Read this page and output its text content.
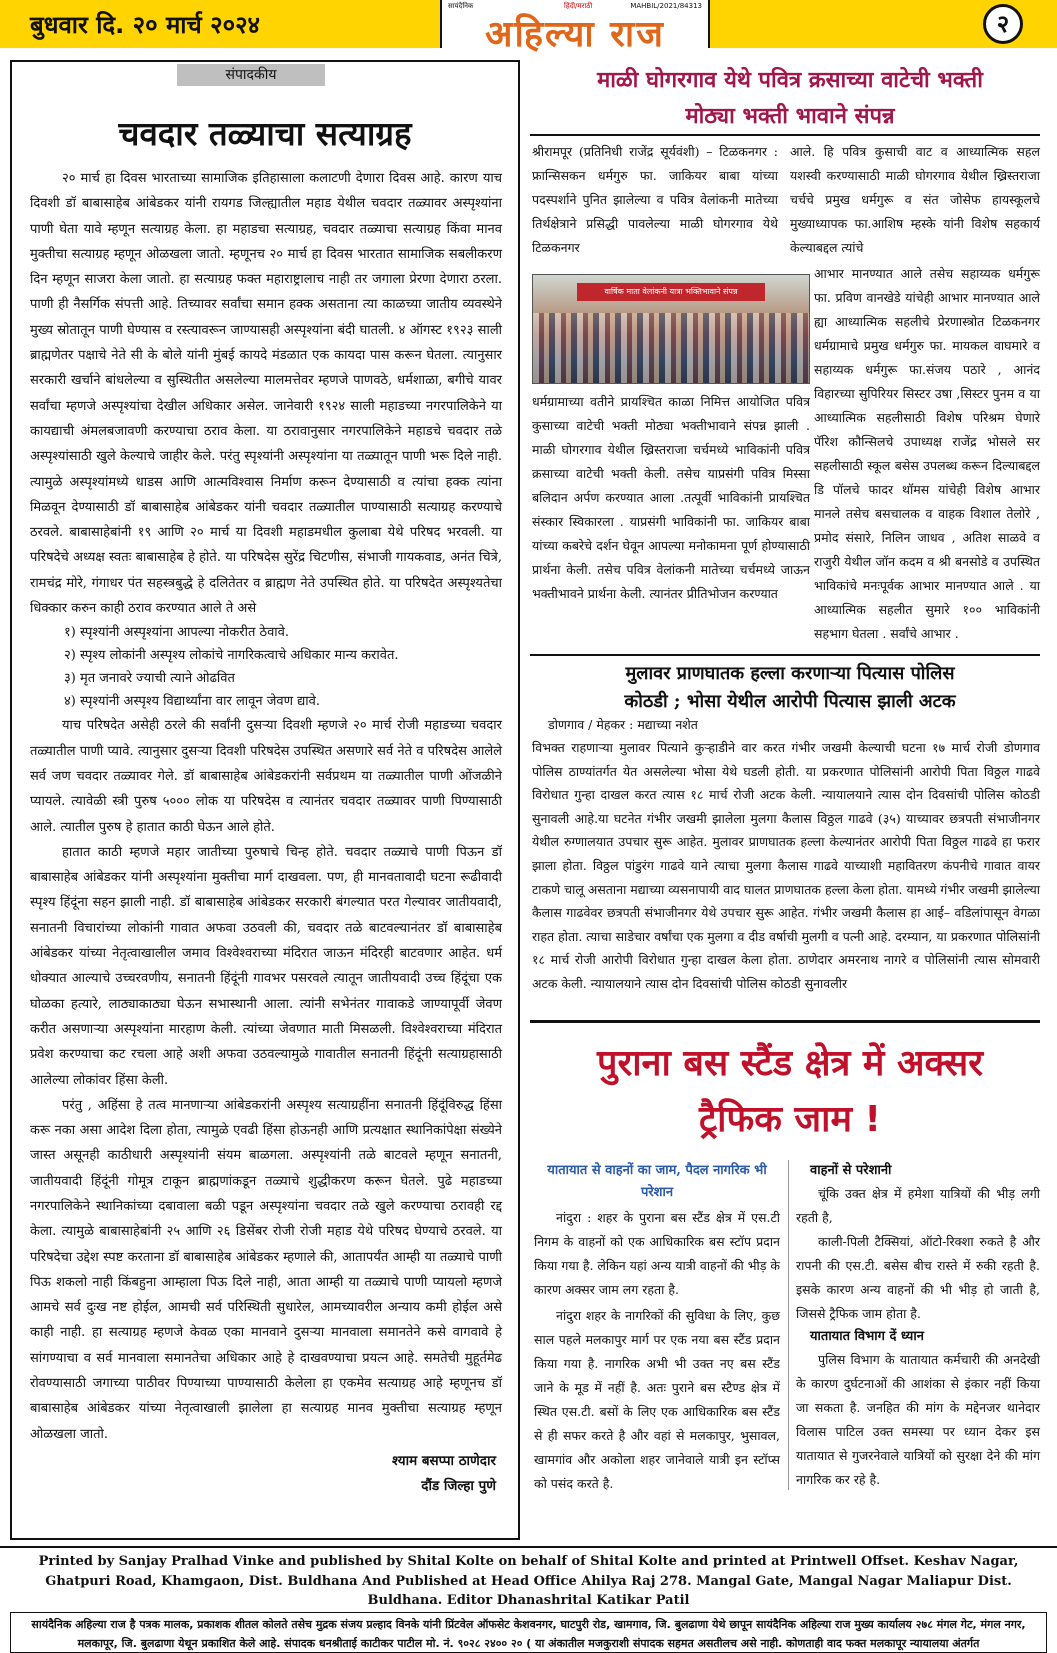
बुधवार दि. २० मार्च २०२४
सायंदैनिक	हिंदी/मराठी	MAHBIL/2021/84313
अहिल्या राज	२
संपादकीय
चवदार तळ्याचा सत्याग्रह

२० मार्च हा दिवस भारताच्या सामाजिक इतिहासाला कलाटणी देणारा दिवस आहे. कारण याच दिवशी डॉ बाबासाहेब आंबेडकर यांनी रायगड जिल्ह्यातील महाड येथील चवदार तळ्यावर अस्पृश्यांना पाणी घेता यावे म्हणून सत्याग्रह केला. हा महाडचा सत्याग्रह, चवदार तळ्याचा सत्याग्रह किंवा मानव मुक्तीचा सत्याग्रह म्हणून ओळखला जातो. म्हणूनच २० मार्च हा दिवस भारतात सामाजिक सबलीकरण दिन म्हणून साजरा केला जातो. हा सत्याग्रह फक्त महाराष्ट्रालाच नाही तर जगाला प्रेरणा देणारा ठरला. पाणी ही नैसर्गिक संपत्ती आहे. तिच्यावर सर्वांचा समान हक्क असताना त्या काळच्या जातीय व्यवस्थेने मुख्य स्रोतातून पाणी घेण्यास व रस्त्यावरून जाण्यासही अस्पृश्यांना बंदी घातली. ४ ऑगस्ट १९२३ साली ब्राह्मणेतर पक्षाचे नेते सी के बोले यांनी मुंबई कायदे मंडळात एक कायदा पास करून घेतला. त्यानुसार सरकारी खर्चाने बांधलेल्या व सुस्थितीत असलेल्या मालमत्तेवर म्हणजे पाणवठे, धर्मशाळा, बगीचे यावर सर्वांचा म्हणजे अस्पृश्यांचा देखील अधिकार असेल. जानेवारी १९२४ साली महाडच्या नगरपालिकेने या कायद्याची अंमलबजावणी करण्याचा ठराव केला. या ठरावानुसार नगरपालिकेने महाडचे चवदार तळे अस्पृश्यांसाठी खुले केल्याचे जाहीर केले. परंतु स्पृश्यांनी अस्पृश्यांना या तळ्यातून पाणी भरू दिले नाही. त्यामुळे अस्पृश्यांमध्ये धाडस आणि आत्मविश्वास निर्माण करून देण्यासाठी व त्यांचा हक्क त्यांना मिळवून देण्यासाठी डॉ बाबासाहेब आंबेडकर यांनी चवदार तळ्यातील पाण्यासाठी सत्याग्रह करण्याचे ठरवले. बाबासाहेबांनी १९ आणि २० मार्च या दिवशी महाडमधील कुलाबा येथे परिषद भरवली. या परिषदेचे अध्यक्ष स्वतः बाबासाहेब हे होते. या परिषदेस सुरेंद्र चिटणीस, संभाजी गायकवाड, अनंत चित्रे, रामचंद्र मोरे, गंगाधर पंत सहस्त्रबुद्धे हे दलितेतर व ब्राह्मण नेते उपस्थित होते. या परिषदेत अस्पृश्यतेचा धिक्कार करुन काही ठराव करण्यात आले ते असे

१) स्पृश्यांनी अस्पृश्यांना आपल्या नोकरीत ठेवावे.
२) स्पृश्य लोकांनी अस्पृश्य लोकांचे नागरिकत्वाचे अधिकार मान्य करावेत.
३) मृत जनावरे ज्याची त्याने ओढवित
४) स्पृश्यांनी अस्पृश्य विद्यार्थ्यांना वार लावून जेवण द्यावे.

याच परिषदेत असेही ठरले की सर्वांनी दुसऱ्या दिवशी म्हणजे २० मार्च रोजी महाडच्या चवदार तळ्यातील पाणी प्यावे. त्यानुसार दुसऱ्या दिवशी परिषदेस उपस्थित असणारे सर्व नेते व परिषदेस आलेले सर्व जण चवदार तळ्यावर गेले. डॉ बाबासाहेब आंबेडकरांनी सर्वप्रथम या तळ्यातील पाणी ओंजळीने प्यायले. त्यावेळी स्त्री पुरुष ५००० लोक या परिषदेस व त्यानंतर चवदार तळ्यावर पाणी पिण्यासाठी आले. त्यातील पुरुष हे हातात काठी घेऊन आले होते.

हातात काठी म्हणजे महार जातीच्या पुरुषाचे चिन्ह होते. चवदार तळ्याचे पाणी पिऊन डॉ बाबासाहेब आंबेडकर यांनी अस्पृश्यांना मुक्तीचा मार्ग दाखवला. पण, ही मानवतावादी घटना रूढीवादी स्पृश्य हिंदूंना सहन झाली नाही. डॉ बाबासाहेब आंबेडकर सरकारी बंगल्यात परत गेल्यावर जातीयवादी, सनातनी विचारांच्या लोकांनी गावात अफवा उठवली की, चवदार तळे बाटवल्यानंतर डॉ बाबासाहेब आंबेडकर यांच्या नेतृत्वाखालील जमाव विश्वेश्वराच्या मंदिरात जाऊन मंदिरही बाटवणार आहेत. धर्म धोक्यात आल्याचे उच्चरवणीय, सनातनी हिंदूंनी गावभर पसरवले त्यातून जातीयवादी उच्च हिंदूंचा एक घोळका हत्यारे, लाठ्याकाठ्या घेऊन सभास्थानी आला. त्यांनी सभेनंतर गावाकडे जाण्यापूर्वी जेवण करीत असणाऱ्या अस्पृश्यांना मारहाण केली. त्यांच्या जेवणात माती मिसळली. विश्वेश्वराच्या मंदिरात प्रवेश करण्याचा कट रचला आहे अशी अफवा उठवल्यामुळे गावातील सनातनी हिंदूंनी सत्याग्रहासाठी आलेल्या लोकांवर हिंसा केली.

परंतु , अहिंसा हे तत्व मानणाऱ्या आंबेडकरांनी अस्पृश्य सत्याग्रहींना सनातनी हिंदूंविरुद्ध हिंसा करू नका असा आदेश दिला होता, त्यामुळे एवढी हिंसा होऊनही आणि प्रत्यक्षात स्थानिकांपेक्षा संख्येने जास्त असूनही काठीधारी अस्पृश्यांनी संयम बाळगला. अस्पृश्यांनी तळे बाटवले म्हणून सनातनी, जातीयवादी हिंदूंनी गोमूत्र टाकून ब्राह्मणांकडून तळ्याचे शुद्धीकरण करून घेतले. पुढे महाडच्या नगरपालिकेने स्थानिकांच्या दबावाला बळी पडून अस्पृश्यांना चवदार तळे खुले करण्याचा ठरावही रद्द केला. त्यामुळे बाबासाहेबांनी २५ आणि २६ डिसेंबर रोजी रोजी महाड येथे परिषद घेण्याचे ठरवले. या परिषदेचा उद्देश स्पष्ट करताना डॉ बाबासाहेब आंबेडकर म्हणाले की, आतापर्यंत आम्ही या तळ्याचे पाणी पिऊ शकलो नाही किंबहुना आम्हाला पिऊ दिले नाही, आता आम्ही या तळ्याचे पाणी प्यायलो म्हणजे आमचे सर्व दुःख नष्ट होईल, आमची सर्व परिस्थिती सुधारेल, आमच्यावरील अन्याय कमी होईल असे काही नाही. हा सत्याग्रह म्हणजे केवळ एका मानवाने दुसऱ्या मानवाला समानतेने कसे वागवावे हे सांगण्याचा व सर्व मानवाला समानतेचा अधिकार आहे हे दाखवण्याचा प्रयत्न आहे. समतेची मुहूर्तमेढ रोवण्यासाठी जगाच्या पाठीवर पिण्याच्या पाण्यासाठी केलेला हा एकमेव सत्याग्रह आहे म्हणूनच डॉ बाबासाहेब आंबेडकर यांच्या नेतृत्वाखाली झालेला हा सत्याग्रह मानव मुक्तीचा सत्याग्रह म्हणून ओळखला जातो.

श्याम बसप्पा ठाणेदार
दौंड जिल्हा पुणे
माळी घोगरगाव येथे पवित्र क्रसाच्या वाटेची भक्ती
मोठ्या भक्ती भावाने संपन्न
श्रीरामपूर (प्रतिनिधी राजेंद्र सूर्यवंशी) – टिळकनगर : फ्रान्सिसकन धर्मगुरु फा. जाकियर बाबा यांच्या पदस्पर्शाने पुनित झालेल्या व पवित्र वेलांकनी मातेच्या तिर्थक्षेत्राने प्रसिद्धी पावलेल्या माळी घोगरगाव येथे टिळकनगर
आले. हि पवित्र कुसाची वाट व आध्यात्मिक सहल यशस्वी करण्यासाठी माळी घोगरगाव येथील ख्रिस्तराजा चर्चचे प्रमुख धर्मगुरू व संत जोसेफ हायस्कूलचे मुख्याध्यापक फा.आशिष म्हस्के यांनी विशेष सहकार्य केल्याबद्दल त्यांचे
वार्षिक माता वेलांकनी यात्रा भक्तिभावाने संपन्न
धर्मग्रामाच्या वतीने प्रायश्चित काळा निमित्त आयोजित पवित्र कुसाच्या वाटेची भक्ती मोठ्या भक्तीभावाने संपन्न झाली . माळी घोगरगाव येथील ख्रिस्तराजा चर्चमध्ये भाविकांनी पवित्र क्रसाच्या वाटेची भक्ती केली. तसेच याप्रसंगी पवित्र मिस्सा बलिदान अर्पण करण्यात आला .तत्पूर्वी भाविकांनी प्रायश्चित संस्कार स्विकारला . याप्रसंगी भाविकांनी फा. जाकियर बाबा यांच्या कबरेचे दर्शन घेवून आपल्या मनोकामना पूर्ण होण्यासाठी प्रार्थना केली. तसेच पवित्र वेलांकनी मातेच्या चर्चमध्ये जाऊन भक्तीभावने प्रार्थना केली. त्यानंतर प्रीतिभोजन करण्यात
आभार मानण्यात आले तसेच सहाय्यक धर्मगुरू फा. प्रविण वानखेडे यांचेही आभार मानण्यात आले ह्या आध्यात्मिक सहलीचे प्रेरणास्त्रोत टिळकनगर धर्मग्रामाचे प्रमुख धर्मगुरु फा. मायकल वाघमारे व सहाय्यक धर्मगुरू फा.संजय पठारे , आनंद विहारच्या सुपिरियर सिस्टर उषा ,सिस्टर पुनम व या आध्यात्मिक सहलीसाठी विशेष परिश्रम घेणारे पॅरिश कौन्सिलचे उपाध्यक्ष राजेंद्र भोसले सर सहलीसाठी स्कूल बसेस उपलब्ध करून दिल्याबद्दल डि पॉलचे फादर थॉमस यांचेही विशेष आभार मानले तसेच बसचालक व वाहक विशाल तेलोरे , प्रमोद संसारे, निलिन जाधव , अतिश साळवे व राजुरी येथील जॉन कदम व श्री बनसोडे व उपस्थित भाविकांचे मनःपूर्वक आभार मानण्यात आले . या आध्यात्मिक सहलीत सुमारे १०० भाविकांनी सहभाग घेतला . सर्वांचे आभार .
मुलावर प्राणघातक हल्ला करणाऱ्या पित्यास पोलिस
कोठडी ; भोसा येथील आरोपी पित्यास झाली अटक
डोणगाव / मेहकर : मद्याच्या नशेत
विभक्त राहणाऱ्या मुलावर पित्याने कुऱ्हाडीने वार करत गंभीर जखमी केल्याची घटना १७ मार्च रोजी डोणगाव पोलिस ठाण्यांतर्गत येत असलेल्या भोसा येथे घडली होती. या प्रकरणात पोलिसांनी आरोपी पिता विठ्ठल गाढवे विरोधात गुन्हा दाखल करत त्यास १८ मार्च रोजी अटक केली. न्यायालयाने त्यास दोन दिवसांची पोलिस कोठडी सुनावली आहे.या घटनेत गंभीर जखमी झालेला मुलगा कैलास विठ्ठल गाढवे (३५) याच्यावर छत्रपती संभाजीनगर येथील रुग्णालयात उपचार सुरू आहेत. मुलावर प्राणघातक हल्ला केल्यानंतर आरोपी पिता विठ्ठल गाढवे हा फरार झाला होता. विठ्ठल पांडुरंग गाढवे याने त्याचा मुलगा कैलास गाढवे याच्याशी महावितरण कंपनीचे गावात वायर टाकणे चालू असताना मद्याच्या व्यसनापायी वाद घालत प्राणघातक हल्ला केला होता. यामध्ये गंभीर जखमी झालेल्या कैलास गाढवेवर छत्रपती संभाजीनगर येथे उपचार सुरू आहेत. गंभीर जखमी कैलास हा आई– वडिलांपासून वेगळा राहत होता. त्याचा साडेचार वर्षांचा एक मुलगा व दीड वर्षाची मुलगी व पत्नी आहे. दरम्यान, या प्रकरणात पोलिसांनी १८ मार्च रोजी आरोपी विरोधात गुन्हा दाखल केला होता. ठाणेदार अमरनाथ नागरे व पोलिसांनी त्यास सोमवारी अटक केली. न्यायालयाने त्यास दोन दिवसांची पोलिस कोठडी सुनावलीर
पुराना बस स्टैंड क्षेत्र में अक्सर
ट्रैफिक जाम !
यातायात से वाहनों का जाम, पैदल नागरिक भी परेशान

नांदुरा : शहर के पुराना बस स्टैंड क्षेत्र में एस.टी निगम के वाहनों को एक आधिकारिक बस स्टॉप प्रदान किया गया है. लेकिन यहां अन्य यात्री वाहनों की भीड़ के कारण अक्सर जाम लग रहता है.

नांदुरा शहर के नागरिकों की सुविधा के लिए, कुछ साल पहले मलकापुर मार्ग पर एक नया बस स्टैंड प्रदान किया गया है. नागरिक अभी भी उक्त नए बस स्टैंड जाने के मूड में नहीं है. अतः पुराने बस स्टैण्ड क्षेत्र में स्थित एस.टी. बसों के लिए एक आधिकारिक बस स्टैंड से ही सफर करते है और वहां से मलकापुर, भुसावल, खामगांव और अकोला शहर जानेवाले यात्री इन स्टॉप्स को पसंद करते है.

वाहनों से परेशानी

चूंकि उक्त क्षेत्र में हमेशा यात्रियों की भीड़ लगी रहती है,

काली-पिली टैक्सियां, ऑटो-रिक्शा रुकते है और रापनी की एस.टी. बसेस बीच रास्ते में रुकी रहती है. इसके कारण अन्य वाहनों की भी भीड़ हो जाती है, जिससे ट्रैफिक जाम होता है.

यातायात विभाग दें ध्यान

पुलिस विभाग के यातायात कर्मचारी की अनदेखी के कारण दुर्घटनाओं की आशंका से इंकार नहीं किया जा सकता है. जनहित की मांग के मद्देनजर थानेदार विलास पाटिल उक्त समस्या पर ध्यान देकर इस यातायात से गुजरनेवाले यात्रियों को सुरक्षा देने की मांग नागरिक कर रहे है.

Printed by Sanjay Pralhad Vinke and published by Shital Kolte on behalf of Shital Kolte and printed at Printwell Offset. Keshav Nagar, Ghatpuri Road, Khamgaon, Dist. Buldhana And Published at Head Office Ahilya Raj 278. Mangal Gate, Mangal Nagar Maliapur Dist. Buldhana. Editor Dhanashrital Katikar Patil
सायंदैनिक अहिल्या राज है पत्रक मालक, प्रकाशक शीतल कोलते तसेच मुद्रक संजय प्रल्हाद विनके यांनी प्रिंटवेल ऑफसेट केशवनगर, घाटपुरी रोड, खामगाव, जि. बुलढाणा येथे छापून सायंदैनिक अहिल्या राज मुख्य कार्यालय २७८ मंगल गेट, मंगल नगर, मलकापूर, जि. बुलढाणा येथून प्रकाशित केले आहे. संपादक धनश्रीताई काटीकर पाटील मो. नं. ९०२८ २४०० २० ( या अंकातील मजकुराशी संपादक सहमत असतीलच असे नाही. कोणताही वाद फक्त मलकापूर न्यायालया अंतर्गत
